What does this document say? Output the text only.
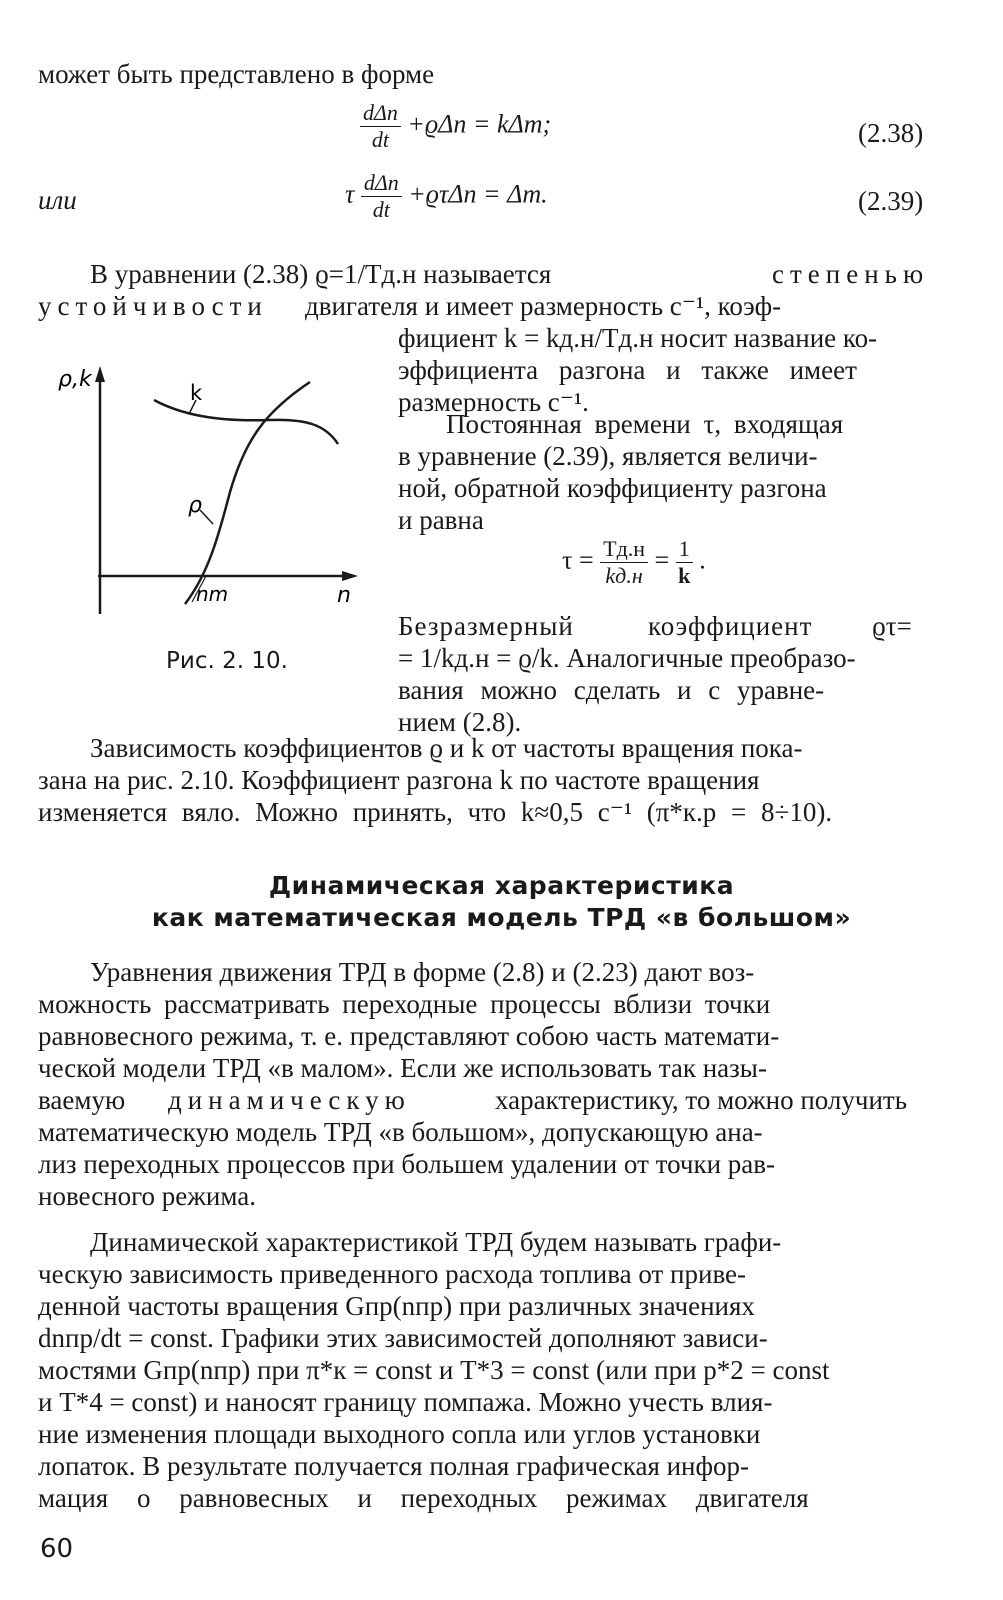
может быть представлено в форме
$\frac{\text{dΔn}}{dt} +ϱ\Delta n = k\Delta m$;	(2.38)
или	τ $\frac{\text{dΔn}}{dt} +ϱ\tau\Delta n = \Delta m$.	(2.39)
В уравнении (2.38) ϱ=1/Tд.н называется	степенью
устойчивости двигателя и имеет размерность с⁻¹, коэф-
фициент k = kд.н/Tд.н носит название ко-
эффициента разгона и также имеет
размерность с⁻¹.
Постоянная времени τ, входящая
в уравнение (2.39), является величи-
ной, обратной коэффициенту разгона
и равна
$\tau = \frac{Tд.н}{kд.н} = \frac{1}{k}$ .
Безразмерный	коэффициент ϱτ=
= 1/kд.н = ϱ/k. Аналогичные преобразо-
вания можно сделать и с уравне-
нием (2.8).
ρ,k
n
k
ρ
nm
Рис. 2. 10.
Зависимость коэффициентов ϱ и k от частоты вращения пока-
зана на рис. 2.10. Коэффициент разгона k по частоте вращения
изменяется вяло. Можно принять, что k≈0,5 с⁻¹ (π*к.р = 8÷10).
Динамическая характеристика
как математическая модель ТРД «в большом»
Уравнения движения ТРД в форме (2.8) и (2.23) дают воз-
можность рассматривать переходные процессы вблизи точки
равновесного режима, т. е. представляют собою часть математи-
ческой модели ТРД «в малом». Если же использовать так назы-
ваемую динамическую	характеристику, то можно получить
математическую модель ТРД «в большом», допускающую ана-
лиз переходных процессов при большем удалении от точки рав-
новесного режима.
Динамической характеристикой ТРД будем называть графи-
ческую зависимость приведенного расхода топлива от приве-
денной частоты вращения Gпр(nпр) при различных значениях
dnпр/dt = const. Графики этих зависимостей дополняют зависи-
мостями Gпр(nпр) при π*к = const и T*3 = const (или при p*2 = const
и T*4 = const) и наносят границу помпажа. Можно учесть влия-
ние изменения площади выходного сопла или углов установки
лопаток. В результате получается полная графическая инфор-
мация о равновесных и переходных режимах двигателя
60
